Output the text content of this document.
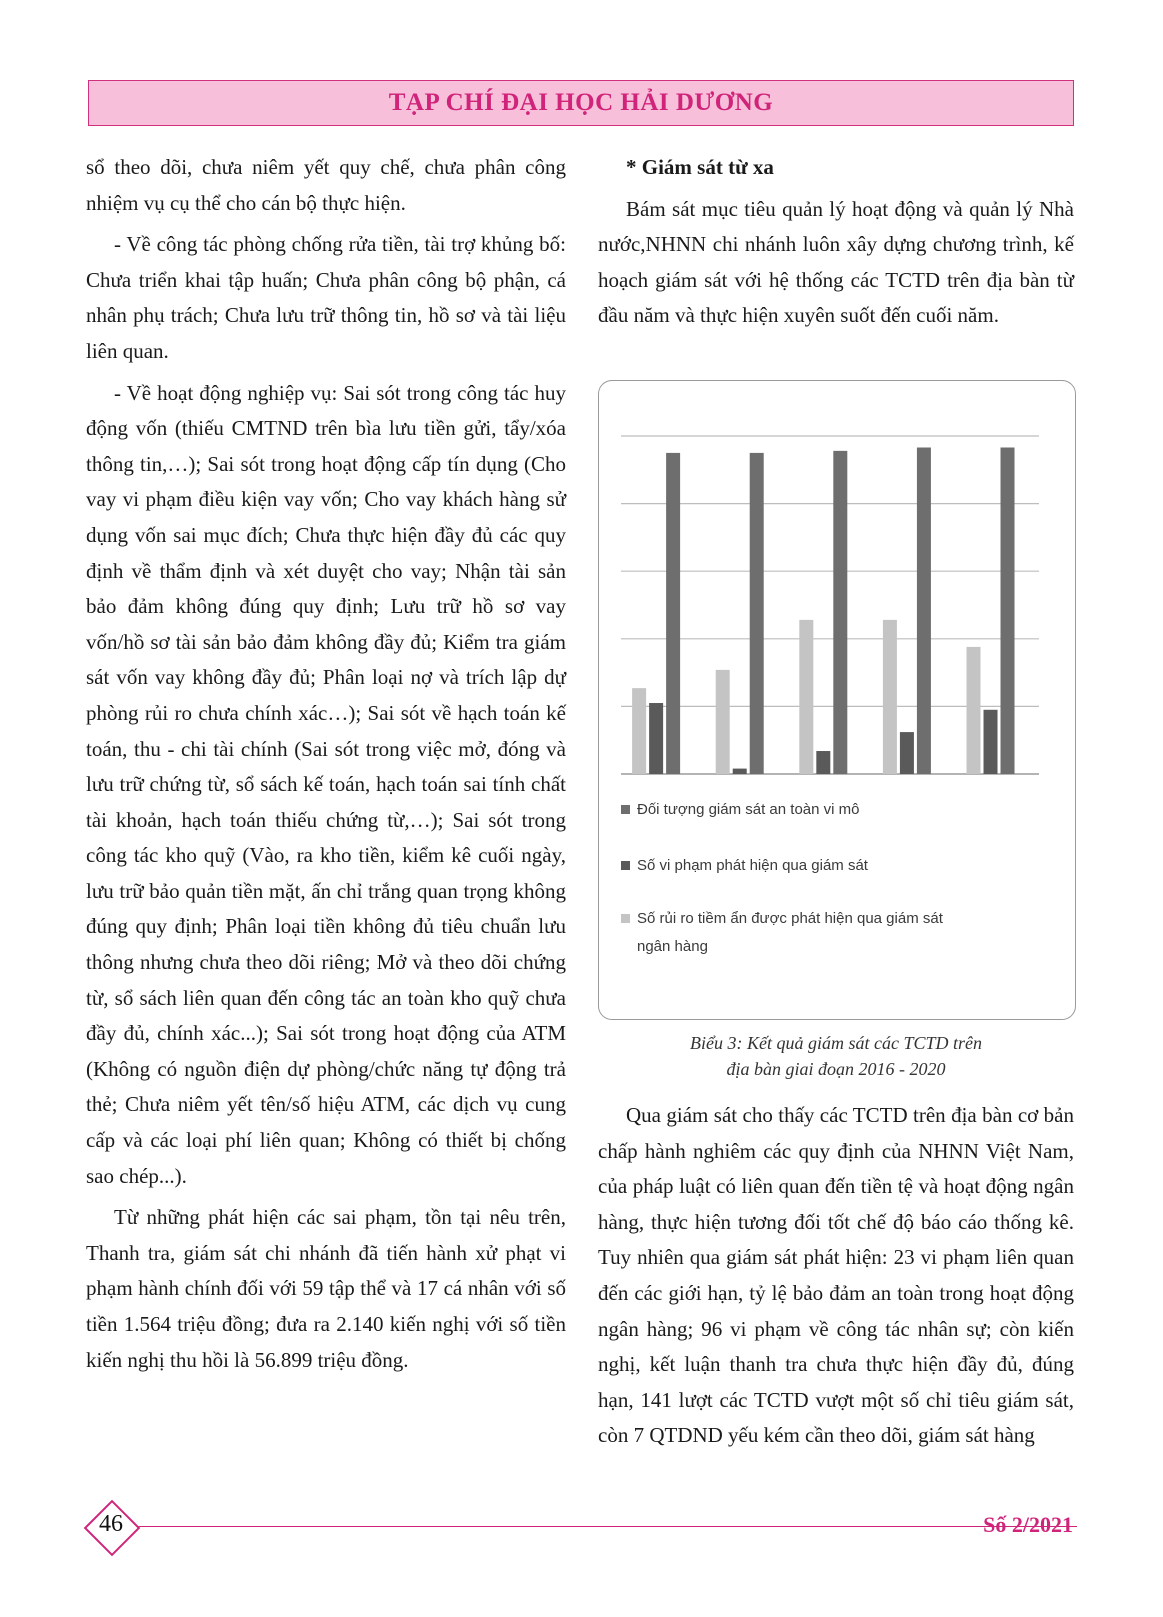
TẠP CHÍ ĐẠI HỌC HẢI DƯƠNG

sổ theo dõi, chưa niêm yết quy chế, chưa phân công nhiệm vụ cụ thể cho cán bộ thực hiện.

- Về công tác phòng chống rửa tiền, tài trợ khủng bố: Chưa triển khai tập huấn; Chưa phân công bộ phận, cá nhân phụ trách; Chưa lưu trữ thông tin, hồ sơ và tài liệu liên quan.

- Về hoạt động nghiệp vụ: Sai sót trong công tác huy động vốn (thiếu CMTND trên bìa lưu tiền gửi, tẩy/xóa thông tin,…); Sai sót trong hoạt động cấp tín dụng (Cho vay vi phạm điều kiện vay vốn; Cho vay khách hàng sử dụng vốn sai mục đích; Chưa thực hiện đầy đủ các quy định về thẩm định và xét duyệt cho vay; Nhận tài sản bảo đảm không đúng quy định; Lưu trữ hồ sơ vay vốn/hồ sơ tài sản bảo đảm không đầy đủ; Kiểm tra giám sát vốn vay không đầy đủ; Phân loại nợ và trích lập dự phòng rủi ro chưa chính xác…); Sai sót về hạch toán kế toán, thu - chi tài chính (Sai sót trong việc mở, đóng và lưu trữ chứng từ, sổ sách kế toán, hạch toán sai tính chất tài khoản, hạch toán thiếu chứng từ,…); Sai sót trong công tác kho quỹ (Vào, ra kho tiền, kiểm kê cuối ngày, lưu trữ bảo quản tiền mặt, ấn chỉ trắng quan trọng không đúng quy định; Phân loại tiền không đủ tiêu chuẩn lưu thông nhưng chưa theo dõi riêng; Mở và theo dõi chứng từ, sổ sách liên quan đến công tác an toàn kho quỹ chưa đầy đủ, chính xác...); Sai sót trong hoạt động của ATM (Không có nguồn điện dự phòng/chức năng tự động trả thẻ; Chưa niêm yết tên/số hiệu ATM, các dịch vụ cung cấp và các loại phí liên quan; Không có thiết bị chống sao chép...).

Từ những phát hiện các sai phạm, tồn tại nêu trên, Thanh tra, giám sát chi nhánh đã tiến hành xử phạt vi phạm hành chính đối với 59 tập thể và 17 cá nhân với số tiền 1.564 triệu đồng; đưa ra 2.140 kiến nghị với số tiền kiến nghị thu hồi là 56.899 triệu đồng.

* Giám sát từ xa

Bám sát mục tiêu quản lý hoạt động và quản lý Nhà nước,NHNN chi nhánh luôn xây dựng chương trình, kế hoạch giám sát với hệ thống các TCTD trên địa bàn từ đầu năm và thực hiện xuyên suốt đến cuối năm.

Đối tượng giám sát an toàn vi mô
Số vi phạm phát hiện qua giám sát
Số rủi ro tiềm ẩn được phát hiện qua giám sát
ngân hàng
Biểu 3: Kết quả giám sát các TCTD trên
địa bàn giai đoạn 2016 - 2020

Qua giám sát cho thấy các TCTD trên địa bàn cơ bản chấp hành nghiêm các quy định của NHNN Việt Nam, của pháp luật có liên quan đến tiền tệ và hoạt động ngân hàng, thực hiện tương đối tốt chế độ báo cáo thống kê. Tuy nhiên qua giám sát phát hiện: 23 vi phạm liên quan đến các giới hạn, tỷ lệ bảo đảm an toàn trong hoạt động ngân hàng; 96 vi phạm về công tác nhân sự; còn kiến nghị, kết luận thanh tra chưa thực hiện đầy đủ, đúng hạn, 141 lượt các TCTD vượt một số chỉ tiêu giám sát, còn 7 QTDND yếu kém cần theo dõi, giám sát hàng

46	Số 2/2021
